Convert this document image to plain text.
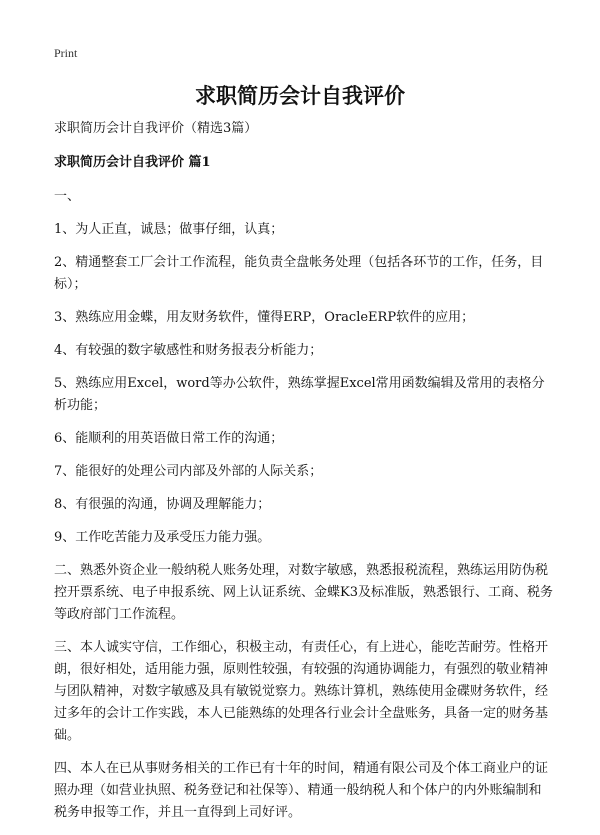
Print
求职简历会计自我评价

求职简历会计自我评价（精选3篇）

求职简历会计自我评价 篇1

一、

1、为人正直，诚恳；做事仔细，认真；

2、精通整套工厂会计工作流程，能负责全盘帐务处理（包括各环节的工作，任务，目标）；

3、熟练应用金蝶，用友财务软件，懂得ERP，OracleERP软件的应用；

4、有较强的数字敏感性和财务报表分析能力；

5、熟练应用Excel，word等办公软件，熟练掌握Excel常用函数编辑及常用的表格分析功能；

6、能顺利的用英语做日常工作的沟通；

7、能很好的处理公司内部及外部的人际关系；

8、有很强的沟通，协调及理解能力；

9、工作吃苦能力及承受压力能力强。

二、熟悉外资企业一般纳税人账务处理，对数字敏感，熟悉报税流程，熟练运用防伪税控开票系统、电子申报系统、网上认证系统、金蝶K3及标准版，熟悉银行、工商、税务等政府部门工作流程。

三、本人诚实守信，工作细心，积极主动，有责任心，有上进心，能吃苦耐劳。性格开朗，很好相处，适用能力强，原则性较强，有较强的沟通协调能力，有强烈的敬业精神与团队精神，对数字敏感及具有敏锐觉察力。熟练计算机，熟练使用金碟财务软件，经过多年的会计工作实践，本人已能熟练的处理各行业会计全盘账务，具备一定的财务基础。

四、本人在已从事财务相关的工作已有十年的时间，精通有限公司及个体工商业户的证照办理（如营业执照、税务登记和社保等）、精通一般纳税人和个体户的内外账编制和税务申报等工作，并且一直得到上司好评。
